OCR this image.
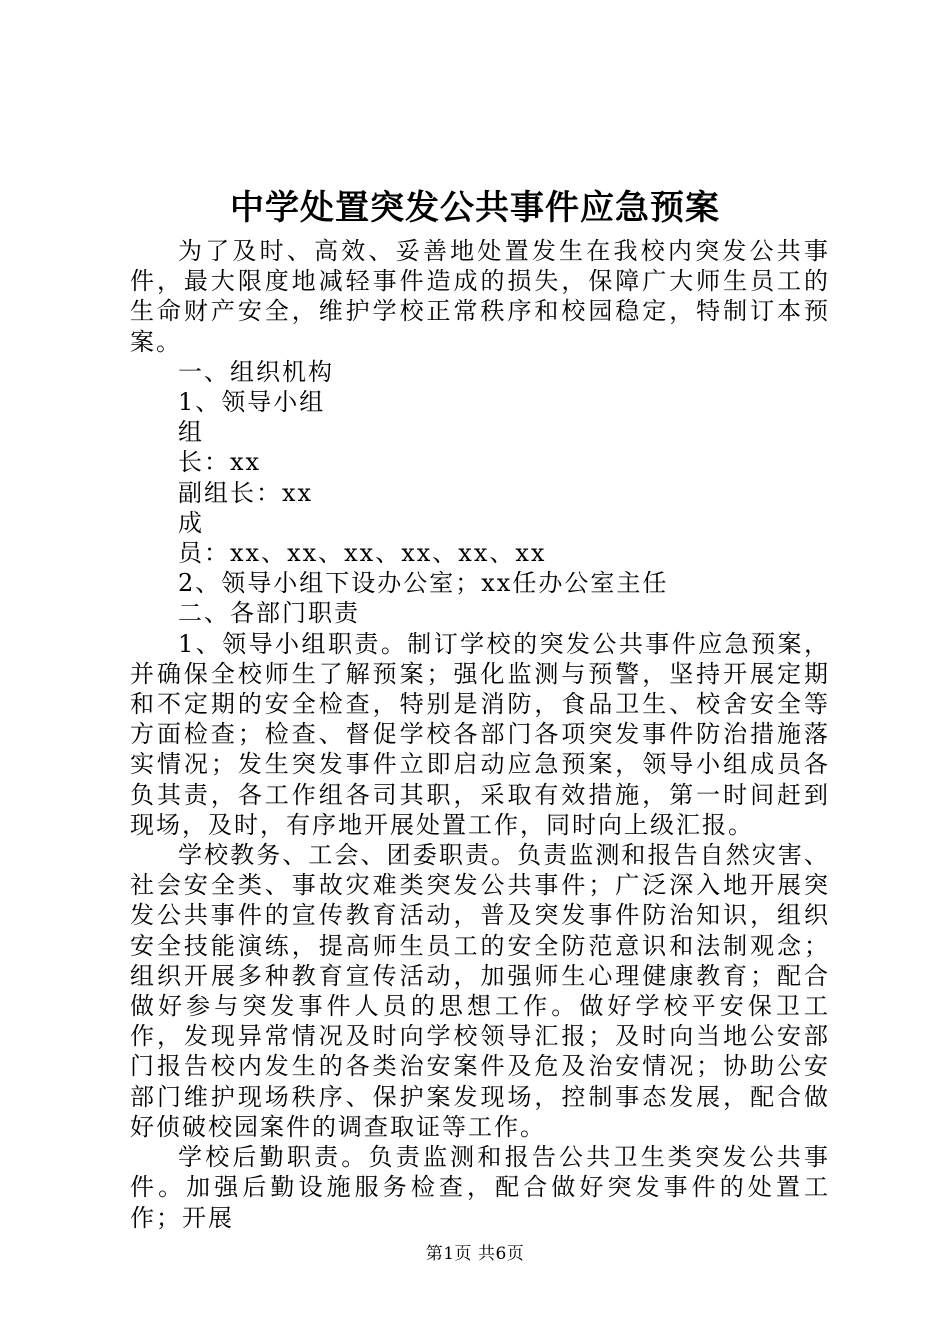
中学处置突发公共事件应急预案

为了及时、高效、妥善地处置发生在我校内突发公共事件，最大限度地减轻事件造成的损失，保障广大师生员工的生命财产安全，维护学校正常秩序和校园稳定，特制订本预案。

一、组织机构

1、领导小组

组

长：xx

副组长：xx

成

员：xx、xx、xx、xx、xx、xx

2、领导小组下设办公室；xx任办公室主任

二、各部门职责

1、领导小组职责。制订学校的突发公共事件应急预案，并确保全校师生了解预案；强化监测与预警，坚持开展定期和不定期的安全检查，特别是消防，食品卫生、校舍安全等方面检查；检查、督促学校各部门各项突发事件防治措施落实情况；发生突发事件立即启动应急预案，领导小组成员各负其责，各工作组各司其职，采取有效措施，第一时间赶到现场，及时，有序地开展处置工作，同时向上级汇报。

学校教务、工会、团委职责。负责监测和报告自然灾害、社会安全类、事故灾难类突发公共事件；广泛深入地开展突发公共事件的宣传教育活动，普及突发事件防治知识，组织安全技能演练，提高师生员工的安全防范意识和法制观念；组织开展多种教育宣传活动，加强师生心理健康教育；配合做好参与突发事件人员的思想工作。做好学校平安保卫工作，发现异常情况及时向学校领导汇报；及时向当地公安部门报告校内发生的各类治安案件及危及治安情况；协助公安部门维护现场秩序、保护案发现场，控制事态发展，配合做好侦破校园案件的调查取证等工作。

学校后勤职责。负责监测和报告公共卫生类突发公共事件。加强后勤设施服务检查，配合做好突发事件的处置工作；开展

第1页 共6页
